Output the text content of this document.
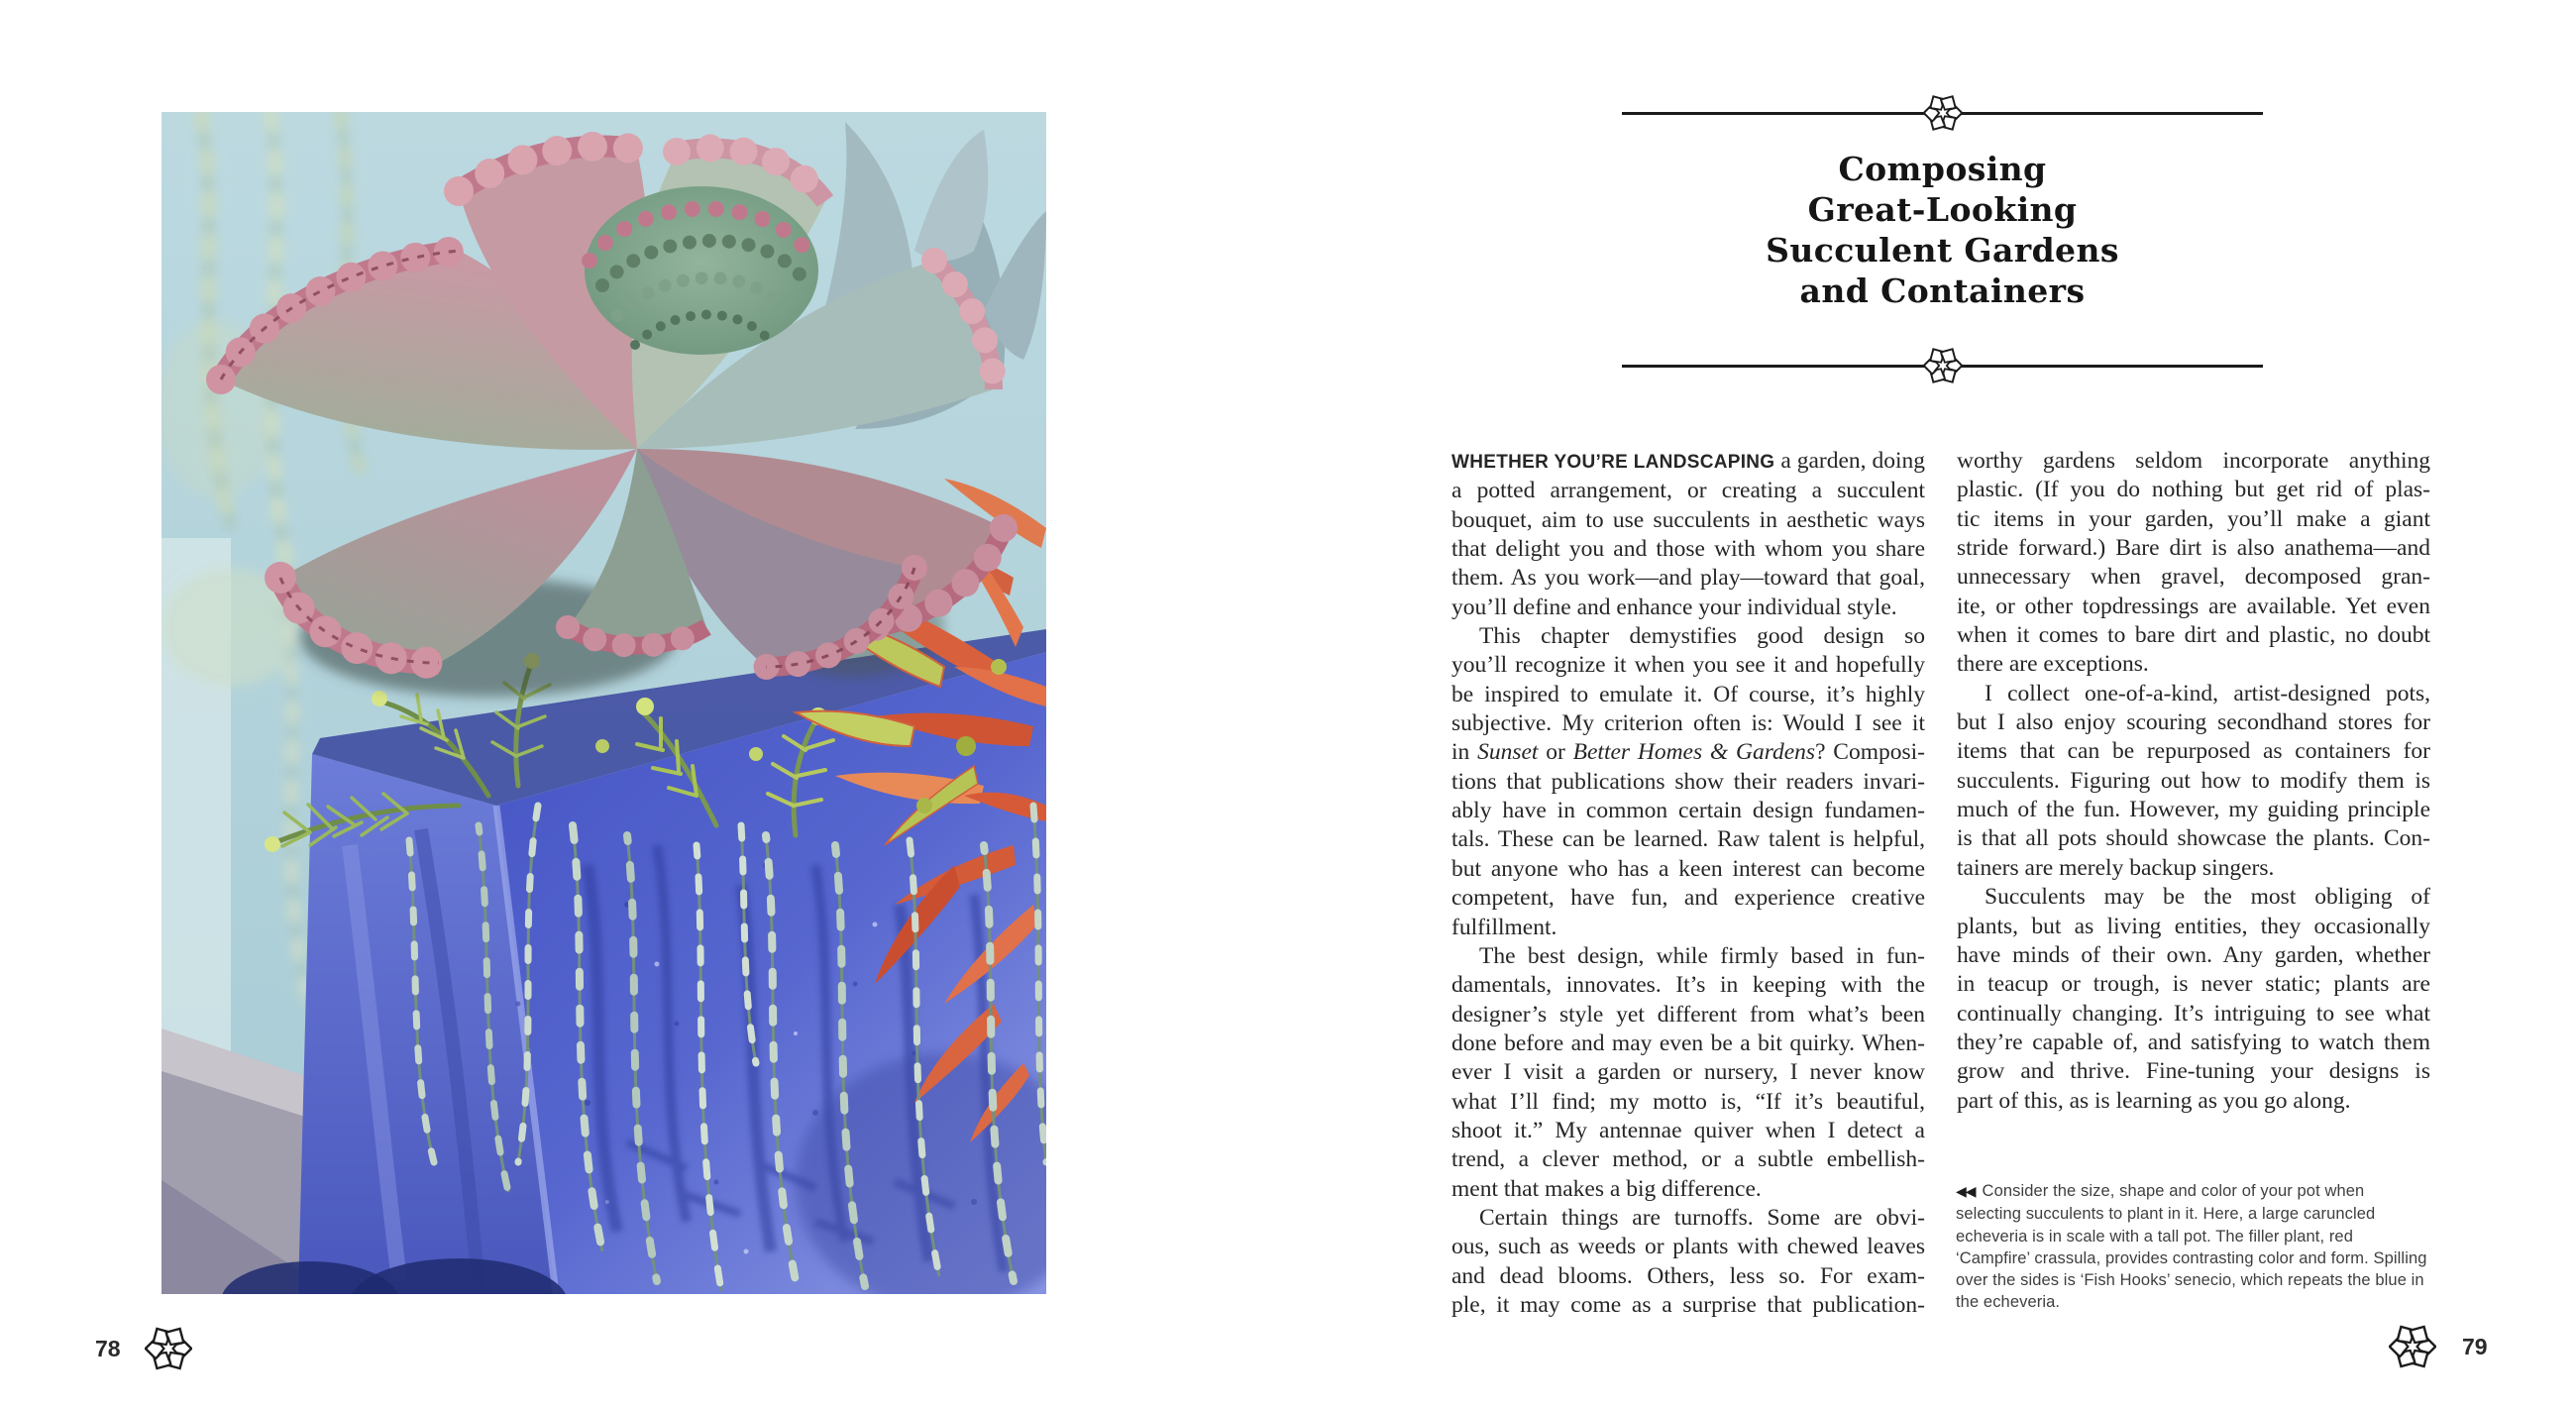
78
Composing
Great-Looking
Succulent Gardens
and Containers
WHETHER YOU’RE LANDSCAPING a garden, doing
a potted arrangement, or creating a succulent
bouquet, aim to use succulents in aesthetic ways
that delight you and those with whom you share
them. As you work—and play—toward that goal,
you’ll define and enhance your individual style.
This chapter demystifies good design so
you’ll recognize it when you see it and hopefully
be inspired to emulate it. Of course, it’s highly
subjective. My criterion often is: Would I see it
in Sunset or Better Homes & Gardens? Composi-
tions that publications show their readers invari-
ably have in common certain design fundamen-
tals. These can be learned. Raw talent is helpful,
but anyone who has a keen interest can become
competent, have fun, and experience creative
fulfillment.
The best design, while firmly based in fun-
damentals, innovates. It’s in keeping with the
designer’s style yet different from what’s been
done before and may even be a bit quirky. When-
ever I visit a garden or nursery, I never know
what I’ll find; my motto is, “If it’s beautiful,
shoot it.” My antennae quiver when I detect a
trend, a clever method, or a subtle embellish-
ment that makes a big difference.
Certain things are turnoffs. Some are obvi-
ous, such as weeds or plants with chewed leaves
and dead blooms. Others, less so. For exam-
ple, it may come as a surprise that publication-
worthy gardens seldom incorporate anything
plastic. (If you do nothing but get rid of plas-
tic items in your garden, you’ll make a giant
stride forward.) Bare dirt is also anathema—and
unnecessary when gravel, decomposed gran-
ite, or other topdressings are available. Yet even
when it comes to bare dirt and plastic, no doubt
there are exceptions.
I collect one-of-a-kind, artist-designed pots,
but I also enjoy scouring secondhand stores for
items that can be repurposed as containers for
succulents. Figuring out how to modify them is
much of the fun. However, my guiding principle
is that all pots should showcase the plants. Con-
tainers are merely backup singers.
Succulents may be the most obliging of
plants, but as living entities, they occasionally
have minds of their own. Any garden, whether
in teacup or trough, is never static; plants are
continually changing. It’s intriguing to see what
they’re capable of, and satisfying to watch them
grow and thrive. Fine-tuning your designs is
part of this, as is learning as you go along.
◀◀ Consider the size, shape and color of your pot when
selecting succulents to plant in it. Here, a large caruncled
echeveria is in scale with a tall pot. The filler plant, red
‘Campfire’ crassula, provides contrasting color and form. Spilling
over the sides is ‘Fish Hooks’ senecio, which repeats the blue in
the echeveria.
79
